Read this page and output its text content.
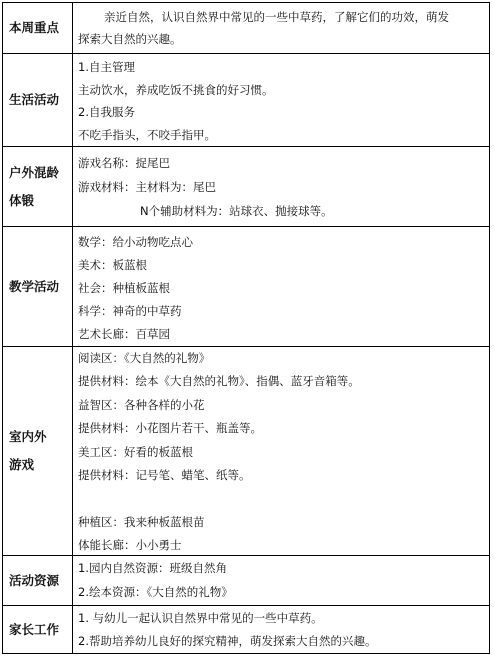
本周重点
亲近自然，认识自然界中常见的一些中草药，了解它们的功效，萌发
探索大自然的兴趣。
生活活动
1.自主管理
主动饮水，养成吃饭不挑食的好习惯。
2.自我服务
不吃手指头，不咬手指甲。
户外混龄
体锻
游戏名称：捉尾巴
游戏材料：主材料为：尾巴
N个辅助材料为：站球衣、抛接球等。
教学活动
数学：给小动物吃点心
美术：板蓝根
社会：种植板蓝根
科学：神奇的中草药
艺术长廊：百草园
室内外
游戏
阅读区：《大自然的礼物》
提供材料：绘本《大自然的礼物》、指偶、蓝牙音箱等。
益智区：各种各样的小花
提供材料：小花图片若干、瓶盖等。
美工区：好看的板蓝根
提供材料：记号笔、蜡笔、纸等。
种植区：我来种板蓝根苗
体能长廊：小小勇士
活动资源
1.园内自然资源：班级自然角
2.绘本资源：《大自然的礼物》
家长工作
1. 与幼儿一起认识自然界中常见的一些中草药。
2.帮助培养幼儿良好的探究精神，萌发探索大自然的兴趣。
